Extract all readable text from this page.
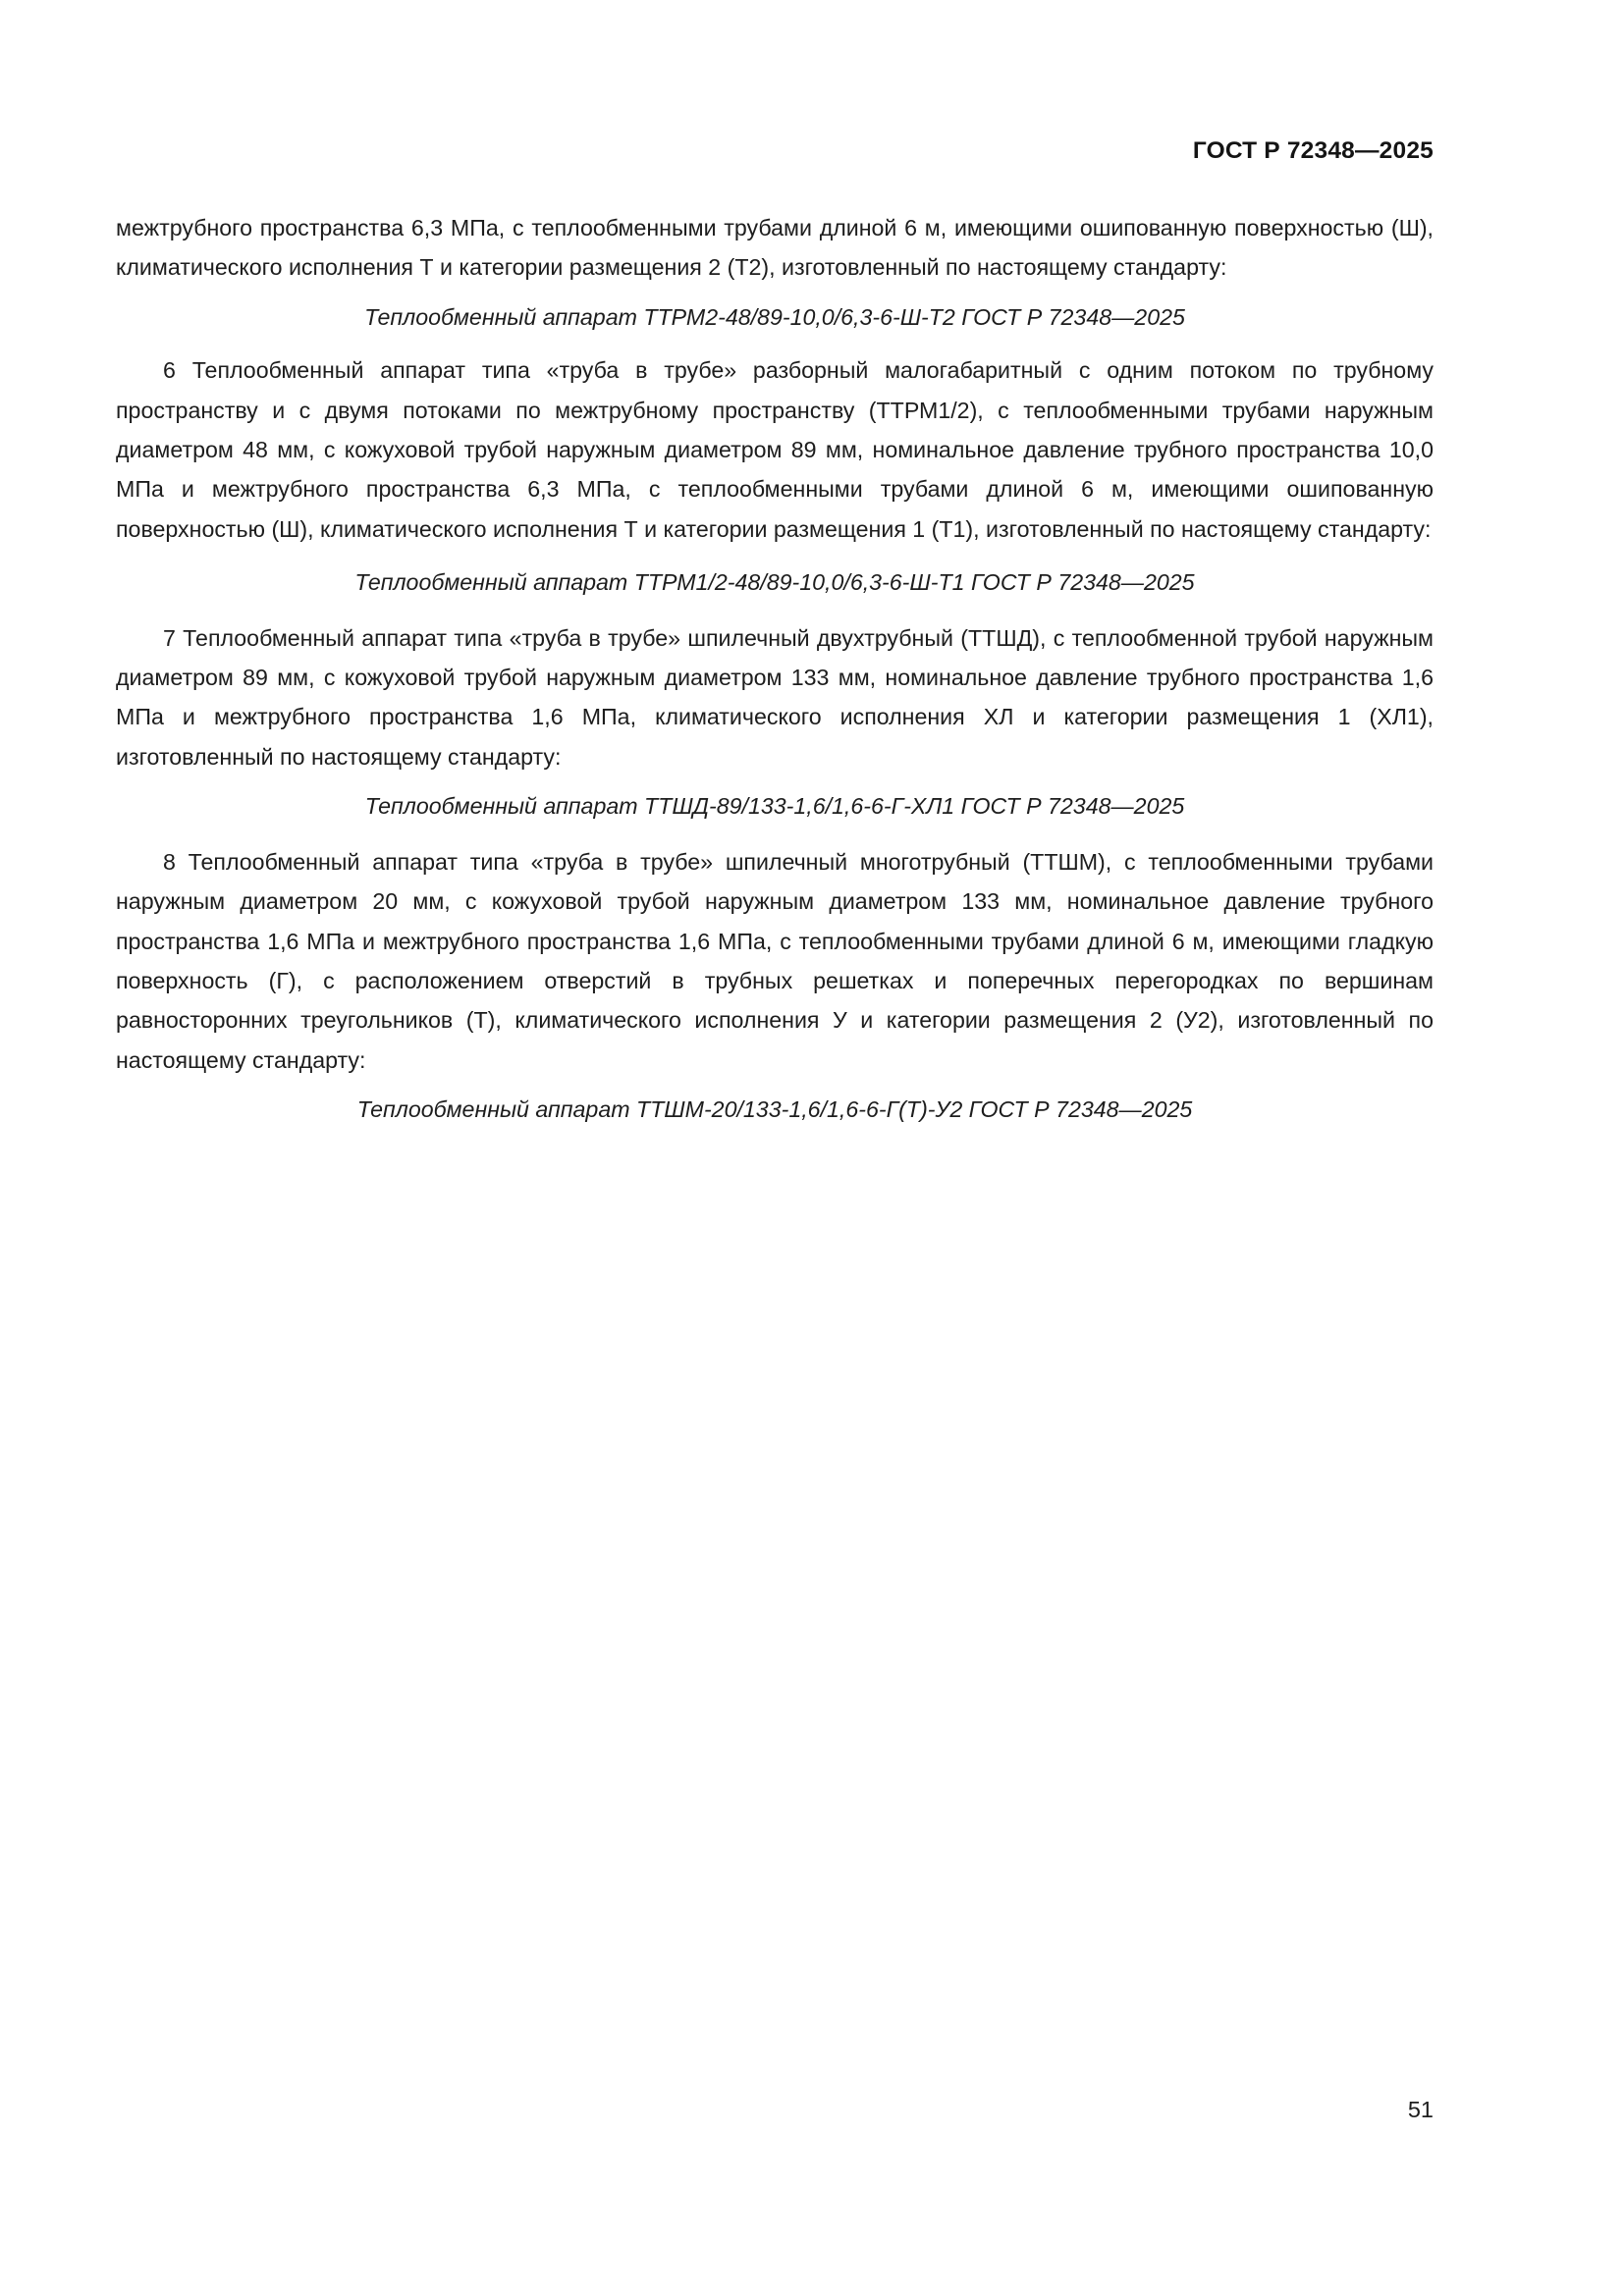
ГОСТ Р 72348—2025

межтрубного пространства 6,3 МПа, с теплообменными трубами длиной 6 м, имеющими ошипованную поверхностью (Ш), климатического исполнения Т и категории размещения 2 (Т2), изготовленный по настоящему стандарту:

Теплообменный аппарат ТТРМ2-48/89-10,0/6,3-6-Ш-Т2 ГОСТ Р 72348—2025

6 Теплообменный аппарат типа «труба в трубе» разборный малогабаритный с одним потоком по трубному пространству и с двумя потоками по межтрубному пространству (ТТРМ1/2), с теплообменными трубами наружным диаметром 48 мм, с кожуховой трубой наружным диаметром 89 мм, номинальное давление трубного пространства 10,0 МПа и межтрубного пространства 6,3 МПа, с теплообменными трубами длиной 6 м, имеющими ошипованную поверхностью (Ш), климатического исполнения Т и категории размещения 1 (Т1), изготовленный по настоящему стандарту:

Теплообменный аппарат ТТРМ1/2-48/89-10,0/6,3-6-Ш-Т1 ГОСТ Р 72348—2025

7 Теплообменный аппарат типа «труба в трубе» шпилечный двухтрубный (ТТШД), с теплообменной трубой наружным диаметром 89 мм, с кожуховой трубой наружным диаметром 133 мм, номинальное давление трубного пространства 1,6 МПа и межтрубного пространства 1,6 МПа, климатического исполнения ХЛ и категории размещения 1 (ХЛ1), изготовленный по настоящему стандарту:

Теплообменный аппарат ТТШД-89/133-1,6/1,6-6-Г-ХЛ1 ГОСТ Р 72348—2025

8 Теплообменный аппарат типа «труба в трубе» шпилечный многотрубный (ТТШМ), с теплообменными трубами наружным диаметром 20 мм, с кожуховой трубой наружным диаметром 133 мм, номинальное давление трубного пространства 1,6 МПа и межтрубного пространства 1,6 МПа, с теплообменными трубами длиной 6 м, имеющими гладкую поверхность (Г), с расположением отверстий в трубных решетках и поперечных перегородках по вершинам равносторонних треугольников (Т), климатического исполнения У и категории размещения 2 (У2), изготовленный по настоящему стандарту:

Теплообменный аппарат ТТШМ-20/133-1,6/1,6-6-Г(Т)-У2 ГОСТ Р 72348—2025

51
